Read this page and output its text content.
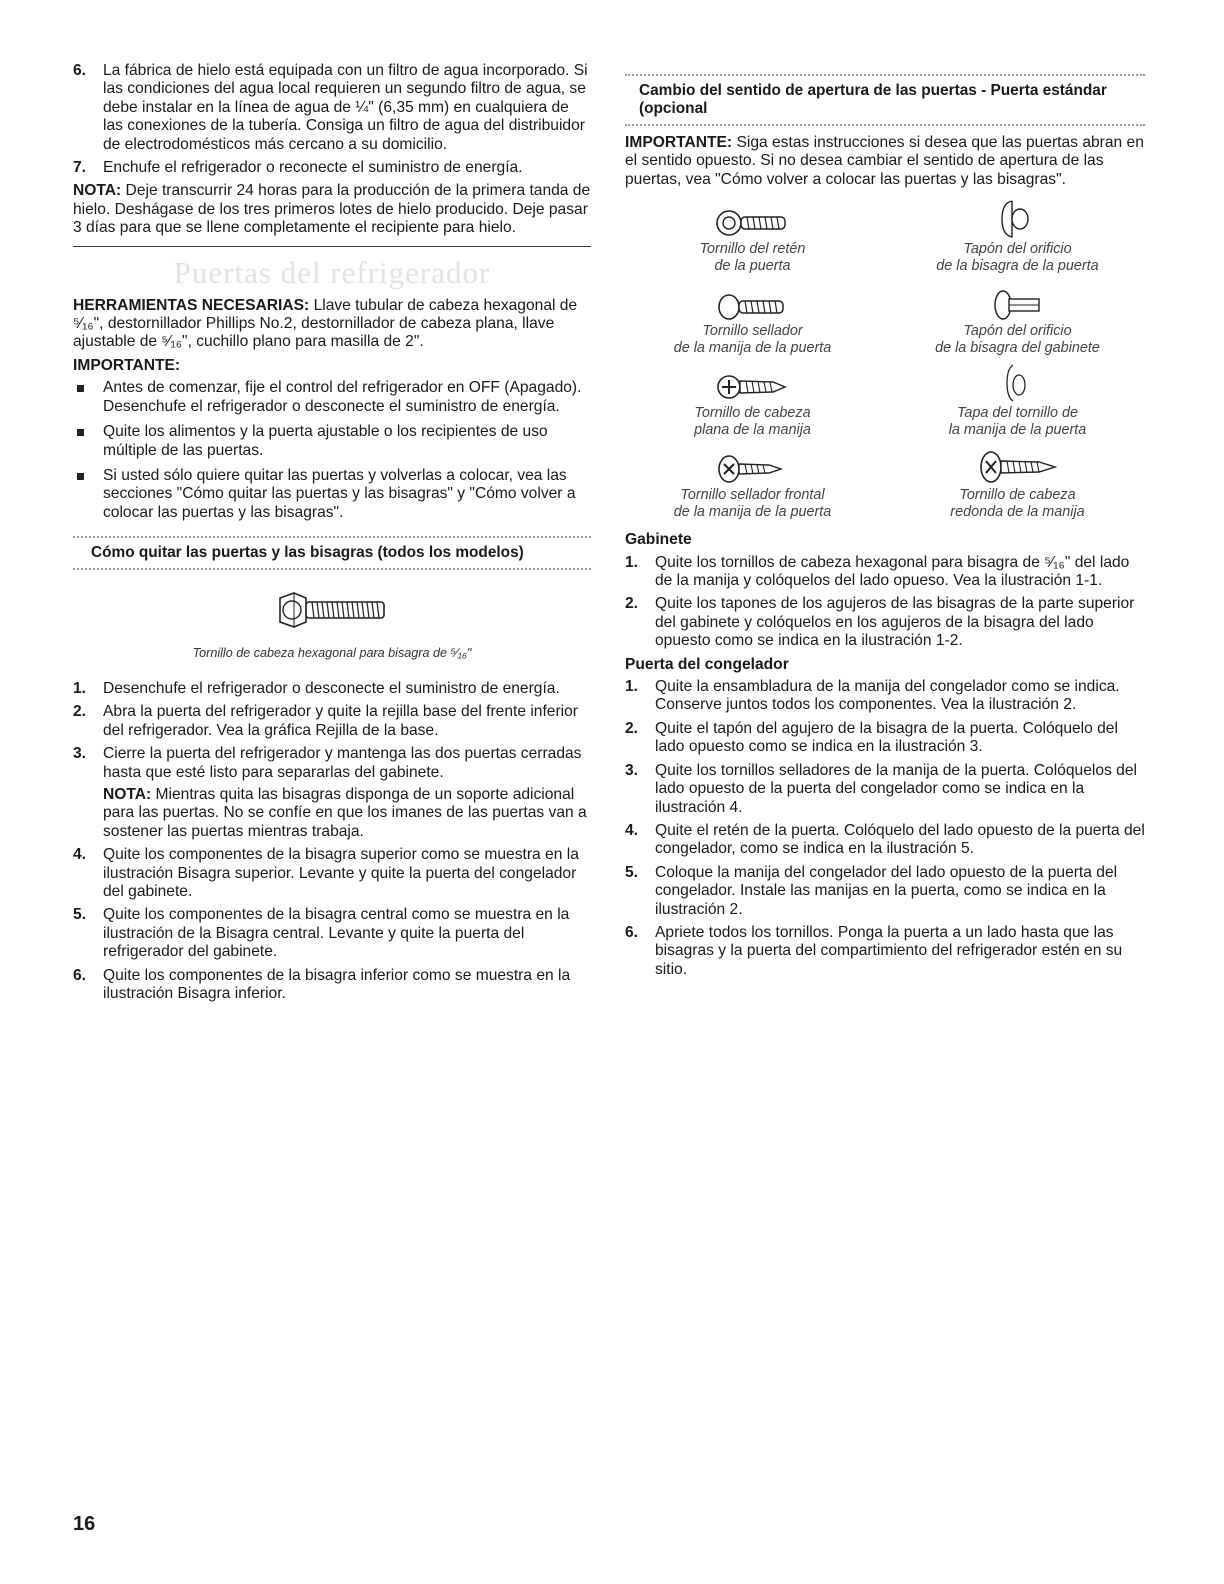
6. La fábrica de hielo está equipada con un filtro de agua incorporado. Si las condiciones del agua local requieren un segundo filtro de agua, se debe instalar en la línea de agua de ¼" (6,35 mm) en cualquiera de las conexiones de la tubería. Consiga un filtro de agua del distribuidor de electrodomésticos más cercano a su domicilio.
7. Enchufe el refrigerador o reconecte el suministro de energía.

NOTA: Deje transcurrir 24 horas para la producción de la primera tanda de hielo. Deshágase de los tres primeros lotes de hielo producido. Deje pasar 3 días para que se llene completamente el recipiente para hielo.

Puertas del refrigerador

HERRAMIENTAS NECESARIAS: Llave tubular de cabeza hexagonal de ⁵⁄₁₆", destornillador Phillips No.2, destornillador de cabeza plana, llave ajustable de ⁵⁄₁₆", cuchillo plano para masilla de 2".

IMPORTANTE:
Antes de comenzar, fije el control del refrigerador en OFF (Apagado). Desenchufe el refrigerador o desconecte el suministro de energía.
Quite los alimentos y la puerta ajustable o los recipientes de uso múltiple de las puertas.
Si usted sólo quiere quitar las puertas y volverlas a colocar, vea las secciones "Cómo quitar las puertas y las bisagras" y "Cómo volver a colocar las puertas y las bisagras".
Cómo quitar las puertas y las bisagras (todos los modelos)
Tornillo de cabeza hexagonal para bisagra de ⁵⁄₁₆"
1. Desenchufe el refrigerador o desconecte el suministro de energía.
2. Abra la puerta del refrigerador y quite la rejilla base del frente inferior del refrigerador. Vea la gráfica Rejilla de la base.
3. Cierre la puerta del refrigerador y mantenga las dos puertas cerradas hasta que esté listo para separarlas del gabinete.
NOTA: Mientras quita las bisagras disponga de un soporte adicional para las puertas. No se confíe en que los imanes de las puertas van a sostener las puertas mientras trabaja.
4. Quite los componentes de la bisagra superior como se muestra en la ilustración Bisagra superior. Levante y quite la puerta del congelador del gabinete.
5. Quite los componentes de la bisagra central como se muestra en la ilustración de la Bisagra central. Levante y quite la puerta del refrigerador del gabinete.
6. Quite los componentes de la bisagra inferior como se muestra en la ilustración Bisagra inferior.
Cambio del sentido de apertura de las puertas - Puerta estándar (opcional

IMPORTANTE: Siga estas instrucciones si desea que las puertas abran en el sentido opuesto. Si no desea cambiar el sentido de apertura de las puertas, vea "Cómo volver a colocar las puertas y las bisagras".

Tornillo del retén
de la puerta
Tapón del orificio
de la bisagra de la puerta
Tornillo sellador
de la manija de la puerta
Tapón del orificio
de la bisagra del gabinete
Tornillo de cabeza
plana de la manija
Tapa del tornillo de
la manija de la puerta
Tornillo sellador frontal
de la manija de la puerta
Tornillo de cabeza
redonda de la manija
Gabinete
1. Quite los tornillos de cabeza hexagonal para bisagra de ⁵⁄₁₆" del lado de la manija y colóquelos del lado opueso. Vea la ilustración 1-1.
2. Quite los tapones de los agujeros de las bisagras de la parte superior del gabinete y colóquelos en los agujeros de la bisagra del lado opuesto como se indica en la ilustración 1-2.
Puerta del congelador
1. Quite la ensambladura de la manija del congelador como se indica. Conserve juntos todos los componentes. Vea la ilustración 2.
2. Quite el tapón del agujero de la bisagra de la puerta. Colóquelo del lado opuesto como se indica en la ilustración 3.
3. Quite los tornillos selladores de la manija de la puerta. Colóquelos del lado opuesto de la puerta del congelador como se indica en la ilustración 4.
4. Quite el retén de la puerta. Colóquelo del lado opuesto de la puerta del congelador, como se indica en la ilustración 5.
5. Coloque la manija del congelador del lado opuesto de la puerta del congelador. Instale las manijas en la puerta, como se indica en la ilustración 2.
6. Apriete todos los tornillos. Ponga la puerta a un lado hasta que las bisagras y la puerta del compartimiento del refrigerador estén en su sitio.
16
